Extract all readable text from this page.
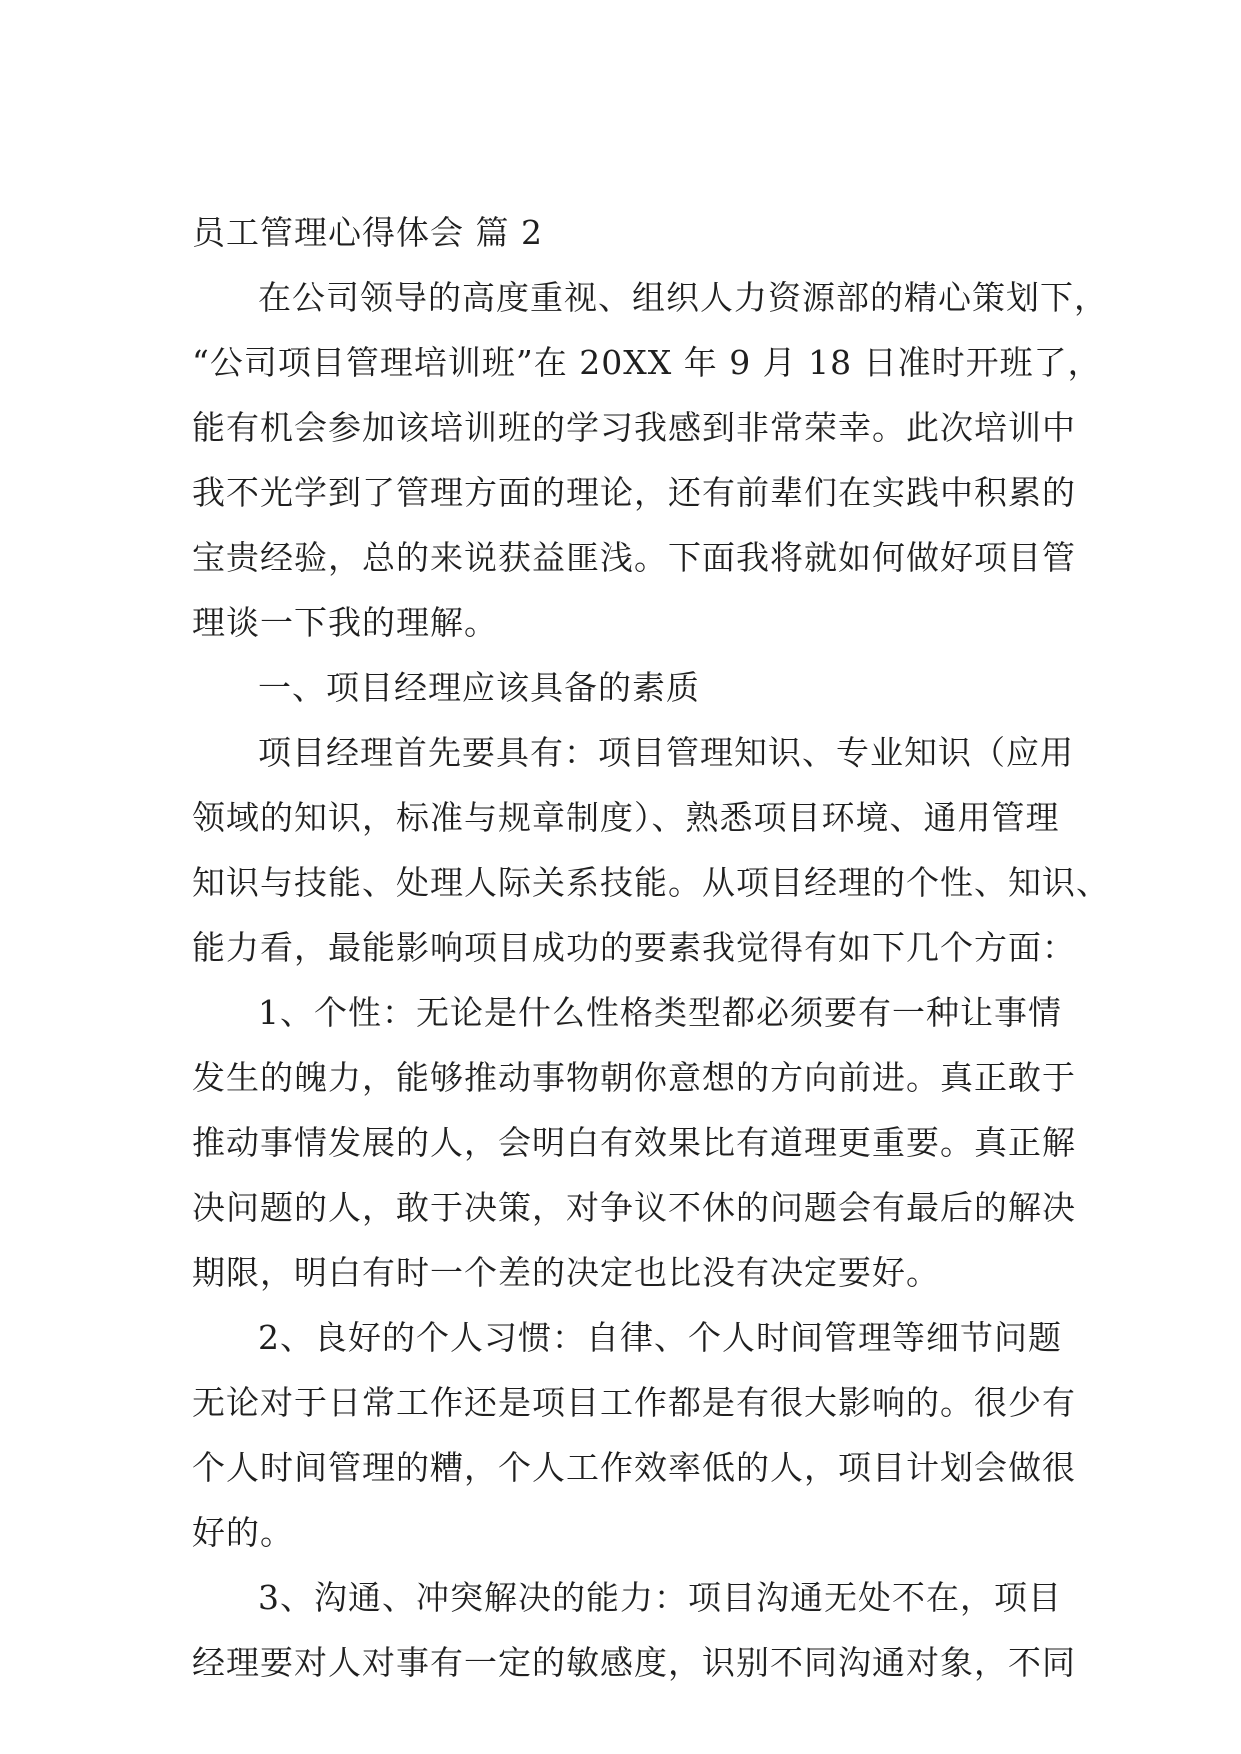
员工管理心得体会 篇 2
在公司领导的高度重视、组织人力资源部的精心策划下，
“公司项目管理培训班”在 20XX 年 9 月 18 日准时开班了，
能有机会参加该培训班的学习我感到非常荣幸。此次培训中
我不光学到了管理方面的理论，还有前辈们在实践中积累的
宝贵经验，总的来说获益匪浅。下面我将就如何做好项目管
理谈一下我的理解。
一、项目经理应该具备的素质
项目经理首先要具有：项目管理知识、专业知识（应用
领域的知识，标准与规章制度）、熟悉项目环境、通用管理
知识与技能、处理人际关系技能。从项目经理的个性、知识、
能力看，最能影响项目成功的要素我觉得有如下几个方面：
1、个性：无论是什么性格类型都必须要有一种让事情
发生的魄力，能够推动事物朝你意想的方向前进。真正敢于
推动事情发展的人，会明白有效果比有道理更重要。真正解
决问题的人，敢于决策，对争议不休的问题会有最后的解决
期限，明白有时一个差的决定也比没有决定要好。
2、良好的个人习惯：自律、个人时间管理等细节问题
无论对于日常工作还是项目工作都是有很大影响的。很少有
个人时间管理的糟，个人工作效率低的人，项目计划会做很
好的。
3、沟通、冲突解决的能力：项目沟通无处不在，项目
经理要对人对事有一定的敏感度，识别不同沟通对象，不同
